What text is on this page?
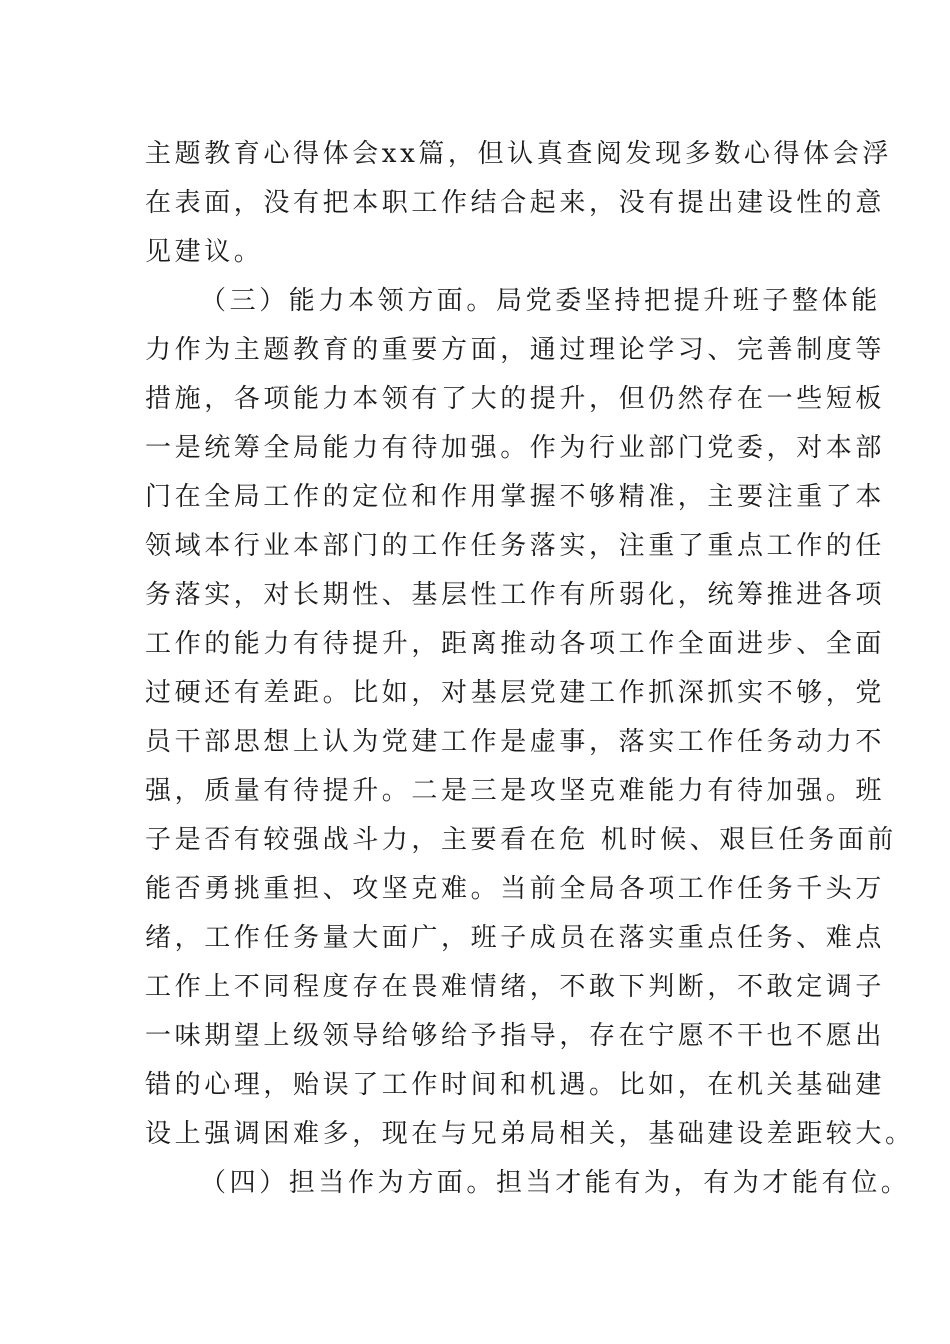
主题教育心得体会xx篇，但认真查阅发现多数心得体会浮
在表面，没有把本职工作结合起来，没有提出建设性的意
见建议。
（三）能力本领方面。局党委坚持把提升班子整体能
力作为主题教育的重要方面，通过理论学习、完善制度等
措施，各项能力本领有了大的提升，但仍然存在一些短板
一是统筹全局能力有待加强。作为行业部门党委，对本部
门在全局工作的定位和作用掌握不够精准，主要注重了本
领域本行业本部门的工作任务落实，注重了重点工作的任
务落实，对长期性、基层性工作有所弱化，统筹推进各项
工作的能力有待提升，距离推动各项工作全面进步、全面
过硬还有差距。比如，对基层党建工作抓深抓实不够，党
员干部思想上认为党建工作是虚事，落实工作任务动力不
强，质量有待提升。二是三是攻坚克难能力有待加强。班
子是否有较强战斗力，主要看在危 机时候、艰巨任务面前
能否勇挑重担、攻坚克难。当前全局各项工作任务千头万
绪，工作任务量大面广，班子成员在落实重点任务、难点
工作上不同程度存在畏难情绪，不敢下判断，不敢定调子
一味期望上级领导给够给予指导，存在宁愿不干也不愿出
错的心理，贻误了工作时间和机遇。比如，在机关基础建
设上强调困难多，现在与兄弟局相关，基础建设差距较大。
（四）担当作为方面。担当才能有为，有为才能有位。
